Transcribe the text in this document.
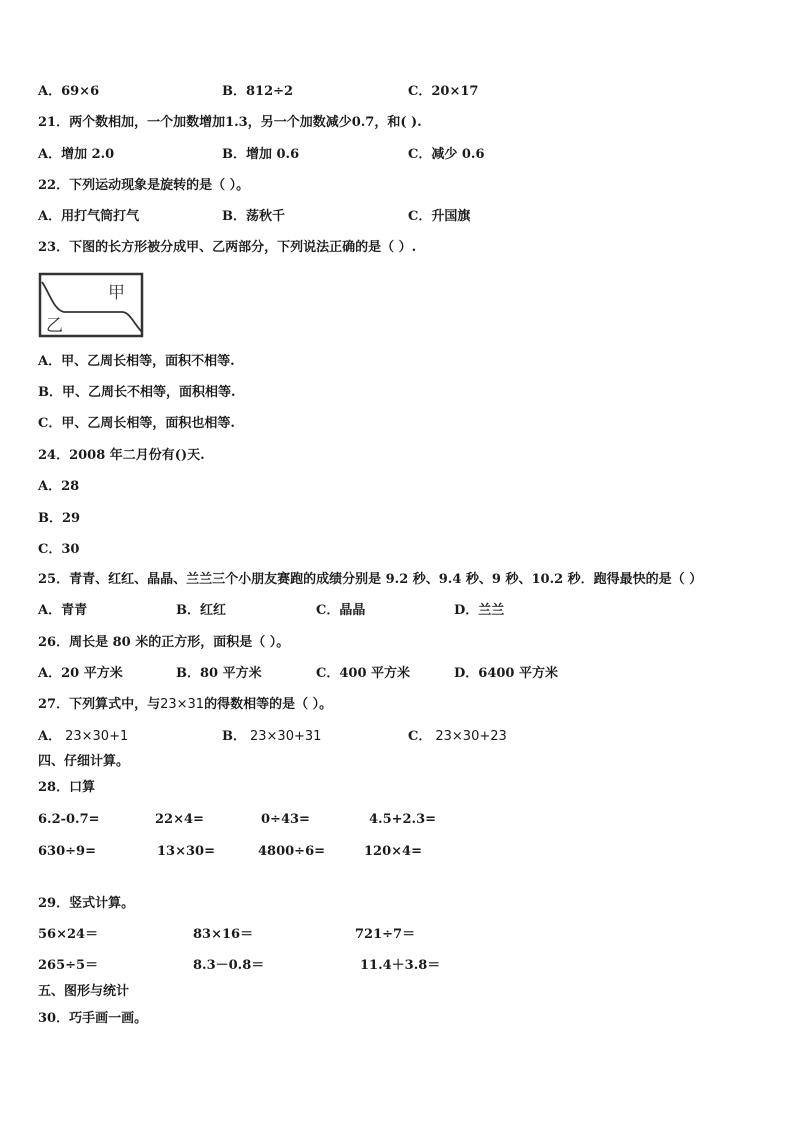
A．69×6	B．812÷2	C．20×17
21．两个数相加，一个加数增加1.3，另一个加数减少0.7，和( ).
A．增加 2.0	B．增加 0.6	C．减少 0.6
22．下列运动现象是旋转的是（ ）。
A．用打气筒打气	B．荡秋千	C．升国旗
23．下图的长方形被分成甲、乙两部分，下列说法正确的是（ ）.
甲
乙
A．甲、乙周长相等，面积不相等.
B．甲、乙周长不相等，面积相等.
C．甲、乙周长相等，面积也相等.
24．2008 年二月份有()天.
A．28
B．29
C．30
25．青青、红红、晶晶、兰兰三个小朋友赛跑的成绩分别是 9.2 秒、9.4 秒、9 秒、10.2 秒．跑得最快的是（ ）
A．青青	B．红红	C．晶晶	D．兰兰
26．周长是 80 米的正方形，面积是（ ）。
A．20 平方米	B．80 平方米	C．400 平方米	D．6400 平方米
27．下列算式中，与23×31的得数相等的是（ ）。
A． 23×30+1	B． 23×30+31	C． 23×30+23
四、仔细计算。
28．口算
6.2-0.7=	22×4=	0÷43=	4.5+2.3=
630÷9=	13×30=	4800÷6=	120×4=
29．竖式计算。
56×24＝	83×16＝	721÷7＝
265÷5＝	8.3－0.8＝	11.4＋3.8＝
五、图形与统计
30．巧手画一画。
